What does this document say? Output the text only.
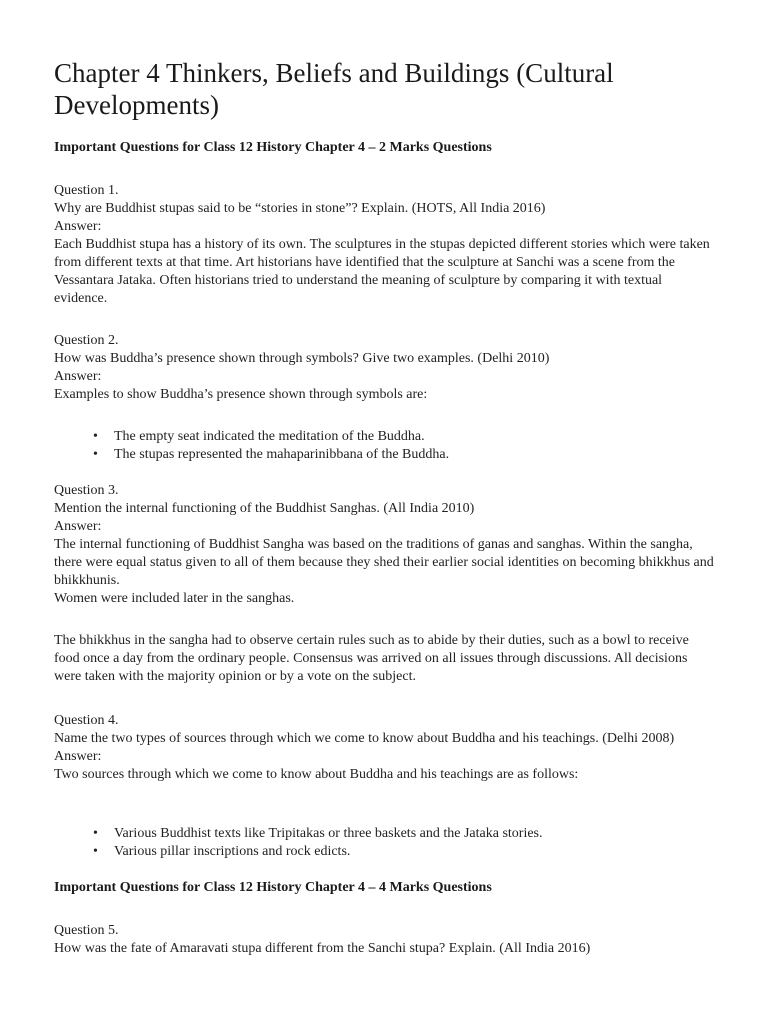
Chapter 4 Thinkers, Beliefs and Buildings (Cultural Developments)

Important Questions for Class 12 History Chapter 4 – 2 Marks Questions

Question 1.

Why are Buddhist stupas said to be “stories in stone”? Explain. (HOTS, All India 2016)

Answer:

Each Buddhist stupa has a history of its own. The sculptures in the stupas depicted different stories which were taken from different texts at that time. Art historians have identified that the sculpture at Sanchi was a scene from the Vessantara Jataka. Often historians tried to understand the meaning of sculpture by comparing it with textual evidence.

Question 2.

How was Buddha’s presence shown through symbols? Give two examples. (Delhi 2010)

Answer:

Examples to show Buddha’s presence shown through symbols are:

• The empty seat indicated the meditation of the Buddha.
• The stupas represented the mahaparinibbana of the Buddha.

Question 3.

Mention the internal functioning of the Buddhist Sanghas. (All India 2010)

Answer:

The internal functioning of Buddhist Sangha was based on the traditions of ganas and sanghas. Within the sangha, there were equal status given to all of them because they shed their earlier social identities on becoming bhikkhus and bhikkhunis.

Women were included later in the sanghas.

The bhikkhus in the sangha had to observe certain rules such as to abide by their duties, such as a bowl to receive food once a day from the ordinary people. Consensus was arrived on all issues through discussions. All decisions were taken with the majority opinion or by a vote on the subject.

Question 4.

Name the two types of sources through which we come to know about Buddha and his teachings. (Delhi 2008)

Answer:

Two sources through which we come to know about Buddha and his teachings are as follows:

• Various Buddhist texts like Tripitakas or three baskets and the Jataka stories.
• Various pillar inscriptions and rock edicts.

Important Questions for Class 12 History Chapter 4 – 4 Marks Questions

Question 5.

How was the fate of Amaravati stupa different from the Sanchi stupa? Explain. (All India 2016)
